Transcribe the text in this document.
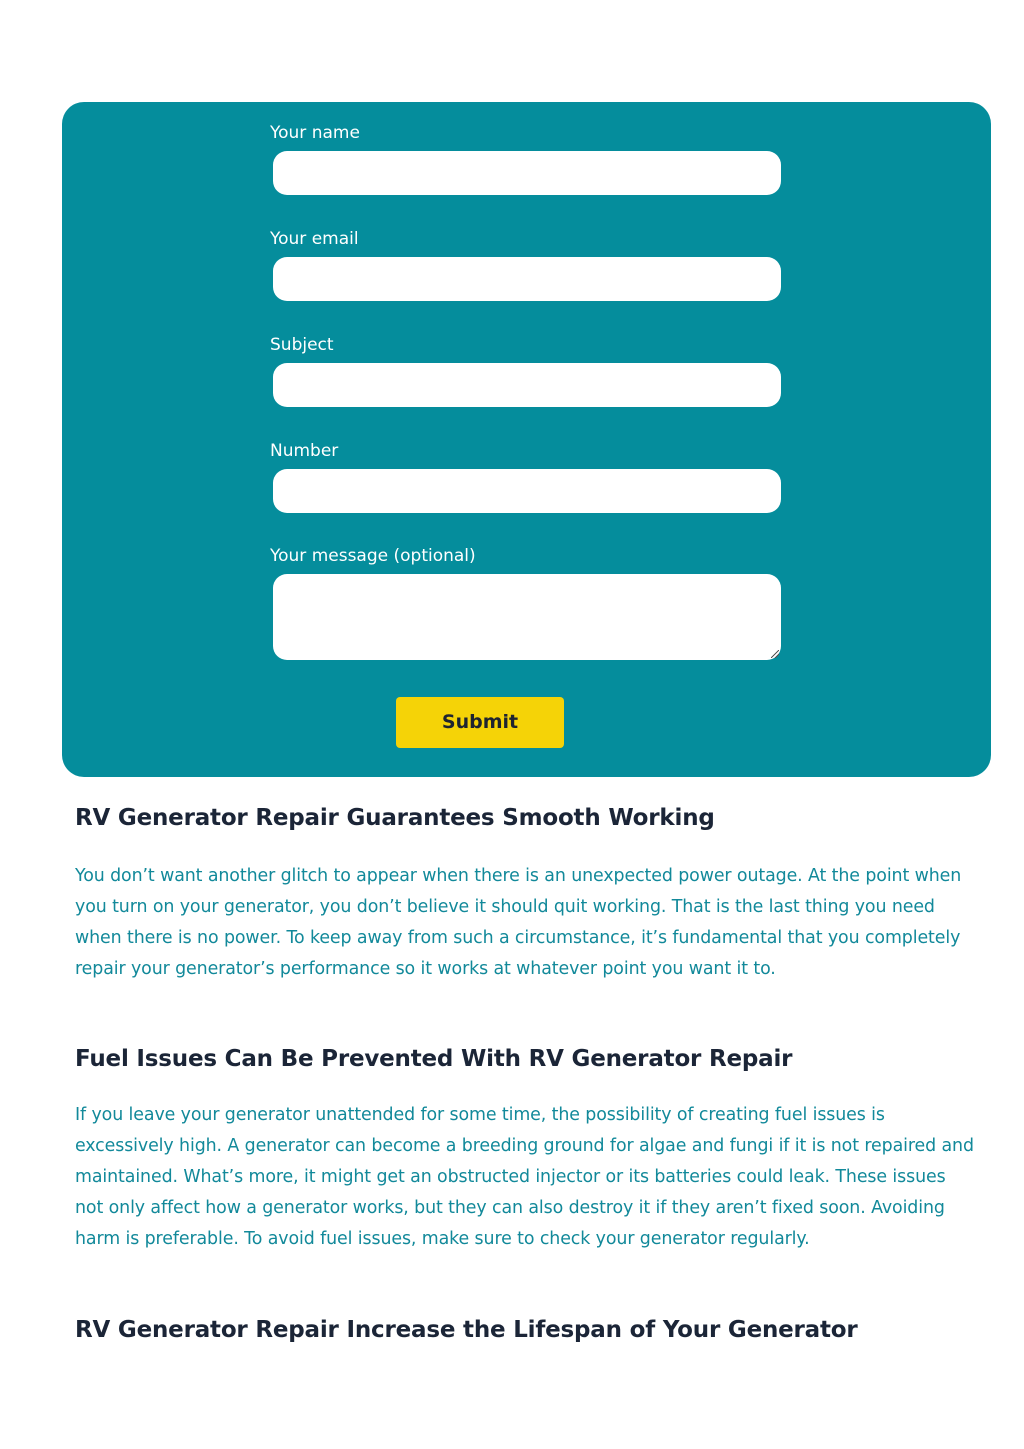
Your name
Your email
Subject
Number
Your message (optional)
Submit
RV Generator Repair Guarantees Smooth Working

You don’t want another glitch to appear when there is an unexpected power outage. At the point when you turn on your generator, you don’t believe it should quit working. That is the last thing you need when there is no power. To keep away from such a circumstance, it’s fundamental that you completely repair your generator’s performance so it works at whatever point you want it to.

Fuel Issues Can Be Prevented With RV Generator Repair

If you leave your generator unattended for some time, the possibility of creating fuel issues is excessively high. A generator can become a breeding ground for algae and fungi if it is not repaired and maintained. What’s more, it might get an obstructed injector or its batteries could leak. These issues not only affect how a generator works, but they can also destroy it if they aren’t fixed soon. Avoiding harm is preferable. To avoid fuel issues, make sure to check your generator regularly.

RV Generator Repair Increase the Lifespan of Your Generator
